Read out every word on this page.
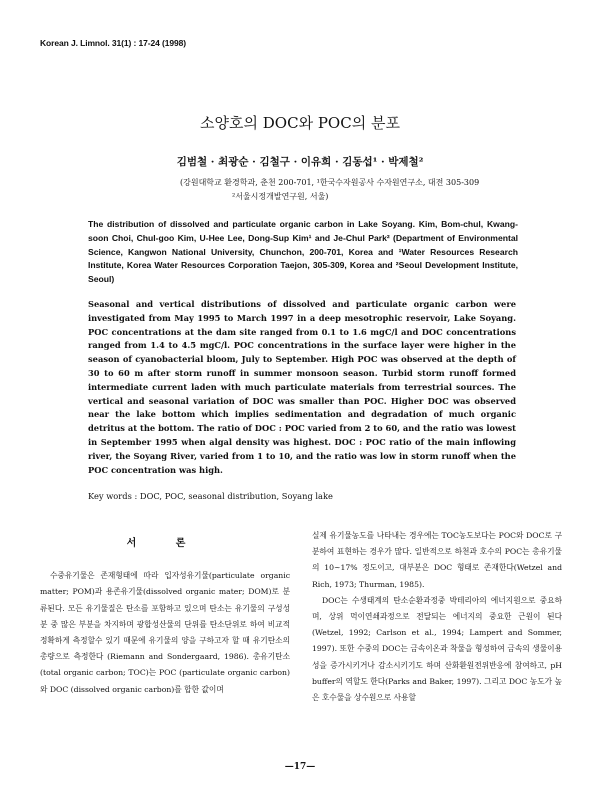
Korean J. Limnol. 31(1) : 17-24 (1998)
소양호의 DOC와 POC의 분포
김범철 · 최광순 · 김철구 · 이유희 · 김동섭¹ · 박제철²
(강원대학교 환경학과, 춘천 200-701, ¹한국수자원공사 수자원연구소, 대전 305-309
²서울시정개발연구원, 서울)
The distribution of dissolved and particulate organic carbon in Lake Soyang. Kim, Bom-chul, Kwang-soon Choi, Chul-goo Kim, U-Hee Lee, Dong-Sup Kim¹ and Je-Chul Park² (Department of Environmental Science, Kangwon National University, Chunchon, 200-701, Korea and ¹Water Resources Research Institute, Korea Water Resources Corporation Taejon, 305-309, Korea and ²Seoul Development Institute, Seoul)
Seasonal and vertical distributions of dissolved and particulate organic carbon were investigated from May 1995 to March 1997 in a deep mesotrophic reservoir, Lake Soyang. POC concentrations at the dam site ranged from 0.1 to 1.6 mgC/l and DOC concentrations ranged from 1.4 to 4.5 mgC/l. POC concentrations in the surface layer were higher in the season of cyanobacterial bloom, July to September. High POC was observed at the depth of 30 to 60 m after storm runoff in summer monsoon season. Turbid storm runoff formed intermediate current laden with much particulate materials from terrestrial sources. The vertical and seasonal variation of DOC was smaller than POC. Higher DOC was observed near the lake bottom which implies sedimentation and degradation of much organic detritus at the bottom. The ratio of DOC : POC varied from 2 to 60, and the ratio was lowest in September 1995 when algal density was highest. DOC : POC ratio of the main inflowing river, the Soyang River, varied from 1 to 10, and the ratio was low in storm runoff when the POC concentration was high.
Key words : DOC, POC, seasonal distribution, Soyang lake
서 론

수중유기물은 존재형태에 따라 입자성유기물(particulate organic matter; POM)과 용존유기물(dissolved organic mater; DOM)로 분류된다. 모든 유기물질은 탄소를 포함하고 있으며 탄소는 유기물의 구성성분 중 많은 부분을 차지하며 광합성산물의 단위를 탄소단위로 하여 비교적 정확하게 측정할수 있기 때문에 유기물의 양을 구하고자 할 때 유기탄소의 총량으로 측정한다 (Riemann and Sondergaard, 1986). 총유기탄소(total organic carbon; TOC)는 POC (particulate organic carbon)와 DOC (dissolved organic carbon)를 합한 값이며

실제 유기물농도를 나타내는 경우에는 TOC농도보다는 POC와 DOC로 구분하여 표현하는 경우가 많다. 일반적으로 하천과 호수의 POC는 총유기물의 10~17% 정도이고, 대부분은 DOC 형태로 존재한다(Wetzel and Rich, 1973; Thurman, 1985).

DOC는 수생태계의 탄소순환과정중 박테리아의 에너지원으로 중요하며, 상위 먹이연쇄과정으로 전달되는 에너지의 중요한 근원이 된다(Wetzel, 1992; Carlson et al., 1994; Lampert and Sommer, 1997). 또한 수중의 DOC는 금속이온과 착물을 형성하여 금속의 생물이용성을 증가시키거나 감소시키기도 하며 산화환원전위반응에 참여하고, pH buffer의 역할도 한다(Parks and Baker, 1997). 그리고 DOC 농도가 높은 호수물을 상수원으로 사용할

—17—
